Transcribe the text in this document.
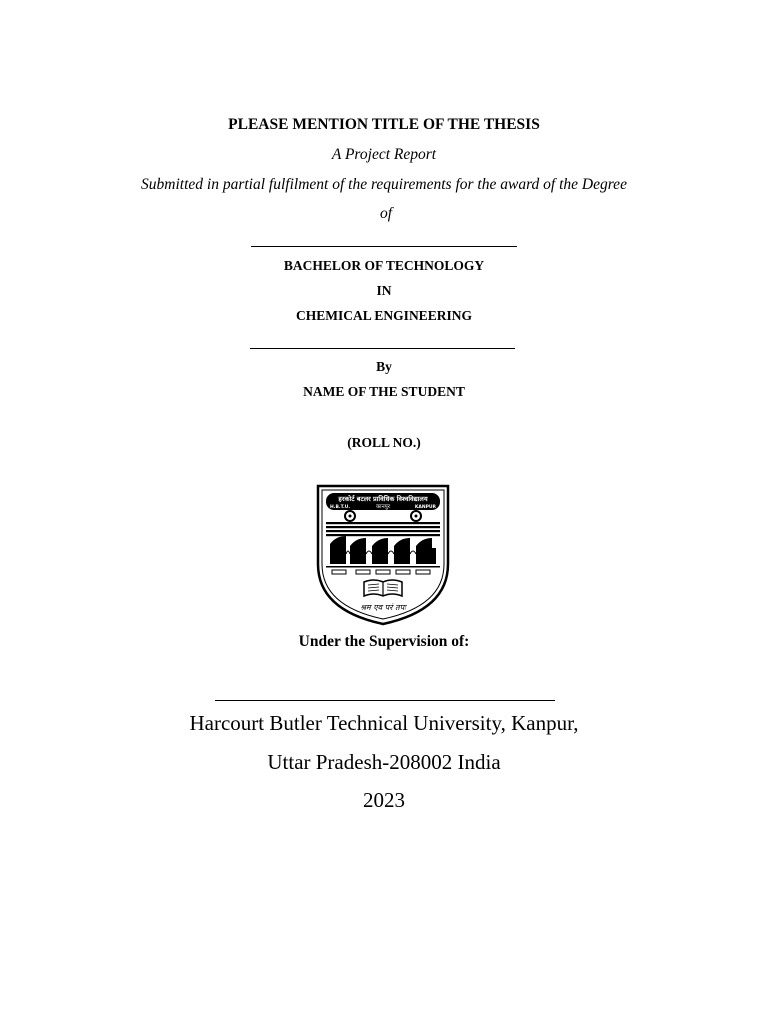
PLEASE MENTION TITLE OF THE THESIS
A Project Report
Submitted in partial fulfilment of the requirements for the award of the Degree
of
BACHELOR OF TECHNOLOGY
IN
CHEMICAL ENGINEERING
By
NAME OF THE STUDENT
(ROLL NO.)
हरकोर्ट बटलर प्राविधिक विश्वविद्यालय
कानपुर
H.B.T.U.	KANPUR
श्रम एव परं तपः
Under the Supervision of:
Harcourt Butler Technical University, Kanpur,
Uttar Pradesh-208002 India
2023
